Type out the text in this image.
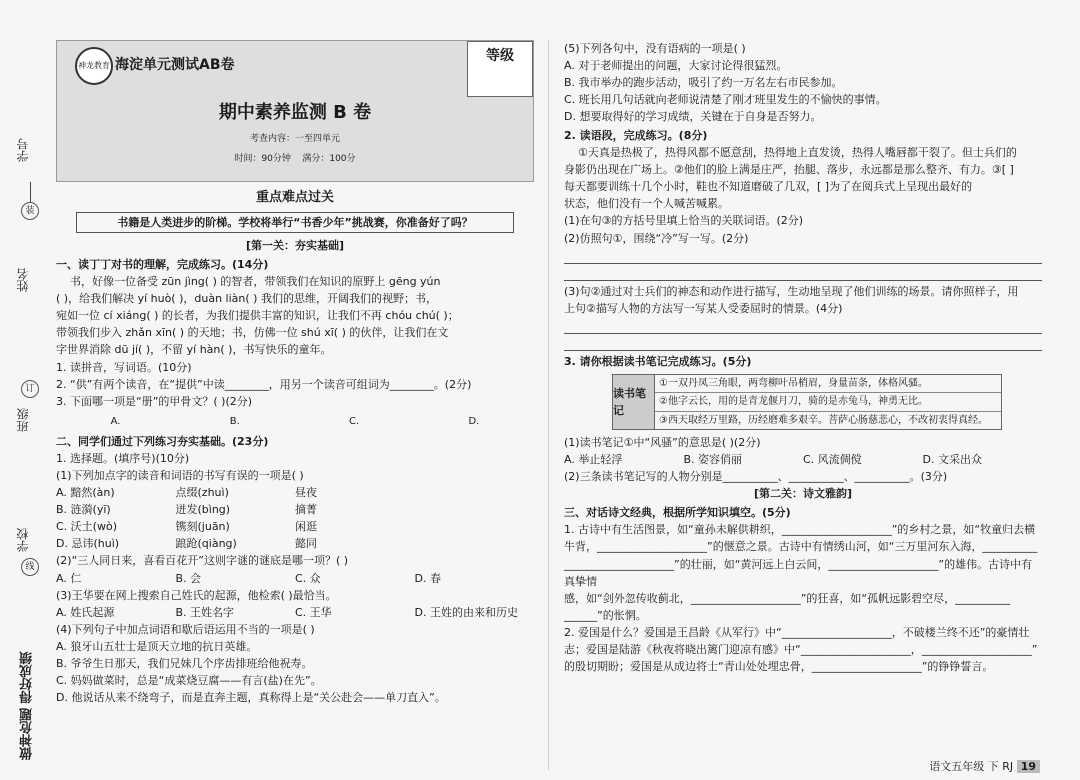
学号
装
姓名
订
班级
学校
线
做神危题 得好成绩
神龙教育 海淀单元测试AB卷
等级
期中素养监测 B 卷
考查内容：一至四单元
时间：90分钟 满分：100分
重点难点过关
书籍是人类进步的阶梯。学校将举行“书香少年”挑战赛，你准备好了吗？
[第一关：夯实基础]
一、读丁丁对书的理解，完成练习。(14分)

书，好像一位备受 zūn jìng( ) 的智者，带领我们在知识的原野上 gēng yún

( )，给我们解决 yí huò( )，duàn liàn( ) 我们的思维，开阔我们的视野；书，

宛如一位 cí xiáng( ) 的长者，为我们提供丰富的知识，让我们不再 chóu chú( )；

带领我们步入 zhǎn xīn( ) 的天地；书，仿佛一位 shú xī( ) 的伙伴，让我们在文

字世界消除 dū jí( )，不留 yí hàn( )，书写快乐的童年。

1. 读拼音，写词语。(10分)

2. “供”有两个读音，在“提供”中读________，用另一个读音可组词为________。(2分)

3. 下面哪一项是“册”的甲骨文？( )(2分)

A.	B.	C.	D.
二、同学们通过下列练习夯实基础。(23分)

1. 选择题。(填序号)(10分)

(1)下列加点字的读音和词语的书写有误的一项是( )

A. 黯然(àn)	点缀(zhuì)	昼夜
B. 涟漪(yī)	迸发(bìng)	摘菁
C. 沃土(wò)	镌刻(juān)	闲逛
D. 忌讳(huì)	踉跄(qiàng)	懿同

(2)“三人同日来，喜看百花开”这则字谜的谜底是哪一项？( )

A. 仁	B. 会	C. 众	D. 春

(3)王华要在网上搜索自己姓氏的起源，他检索( )最恰当。

A. 姓氏起源	B. 王姓名字	C. 王华	D. 王姓的由来和历史

(4)下列句子中加点词语和歇后语运用不当的一项是( )

A. 狼牙山五壮士是顶天立地的抗日英雄。

B. 爷爷生日那天，我们兄妹几个序齿排班给他祝寿。

C. 妈妈做菜时，总是“成菜烧豆腐——有言(盐)在先”。

D. 他说话从来不绕弯子，而是直奔主题，真称得上是“关公赴会——单刀直入”。

(5)下列各句中，没有语病的一项是( )

A. 对于老师提出的问题，大家讨论得很猛烈。

B. 我市举办的跑步活动，吸引了约一万名左右市民参加。

C. 班长用几句话就向老师说清楚了刚才班里发生的不愉快的事情。

D. 想要取得好的学习成绩，关键在于自身是否努力。

2. 读语段，完成练习。(8分)

①天真是热极了，热得风都不愿意刮，热得地上直发烫，热得人嘴唇都干裂了。但士兵们的

身影仍出现在广场上。②他们的脸上满是庄严，抬腿、落步，永远都是那么整齐、有力。③[ ]

每天都要训练十几个小时，鞋也不知道磨破了几双，[ ]为了在阅兵式上呈现出最好的

状态，他们没有一个人喊苦喊累。

(1)在句③的方括号里填上恰当的关联词语。(2分)

(2)仿照句①，围绕“冷”写一写。(2分)

(3)句②通过对士兵们的神态和动作进行描写，生动地呈现了他们训练的场景。请你照样子，用

上句②描写人物的方法写一写某人受委屈时的情景。(4分)

3. 请你根据读书笔记完成练习。(5分)
读书笔记
①一双丹凤三角眼，两弯柳叶吊梢眉，身量苗条，体格风骚。
②他字云长，用的是青龙偃月刀，骑的是赤兔马，神勇无比。
③西天取经万里路，历经磨难多艰辛。菩萨心肠慈悲心，不改初衷得真经。

(1)读书笔记①中“风骚”的意思是( )(2分)

A. 举止轻浮	B. 姿容俏丽	C. 风流倜傥	D. 文采出众

(2)三条读书笔记写的人物分别是__________、__________、__________。(3分)

[第二关：诗文雅韵]
三、对话诗文经典，根据所学知识填空。(5分)

1. 古诗中有生活图景，如“童孙未解供耕织，____________________”的乡村之景，如“牧童归去横

牛背，____________________”的惬意之景。古诗中有情绣山河，如“三万里河东入海，__________

____________________”的壮丽，如“黄河远上白云间，____________________”的雄伟。古诗中有真挚情

感，如“剑外忽传收蓟北，____________________”的狂喜，如“孤帆远影碧空尽，__________

______”的怅惘。

2. 爱国是什么？爱国是王昌龄《从军行》中“____________________，不破楼兰终不还”的豪情壮

志；爱国是陆游《秋夜将晓出篱门迎凉有感》中“____________________，____________________”

的殷切期盼；爱国是从成边将士“青山处处埋忠骨，____________________”的铮铮誓言。

语文五年级 下 RJ 19
